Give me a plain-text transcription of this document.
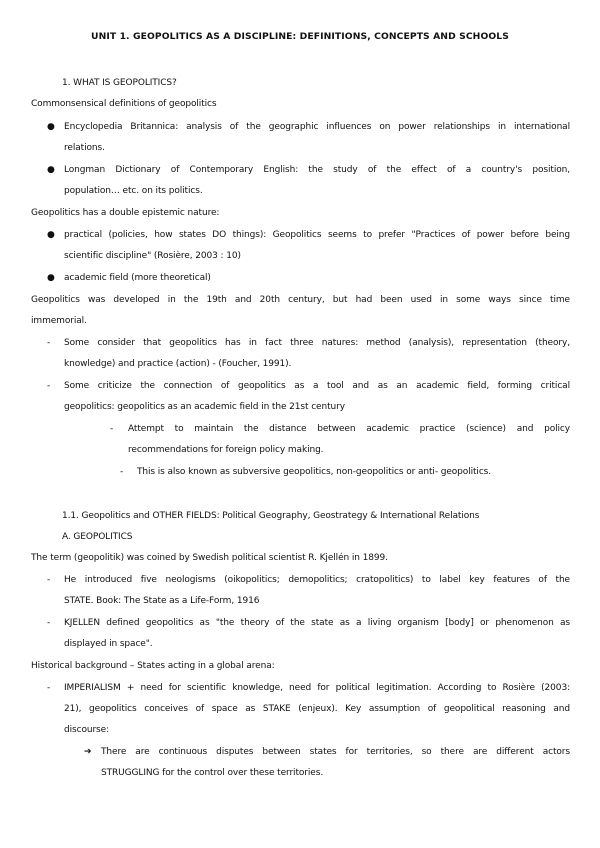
UNIT 1. GEOPOLITICS AS A DISCIPLINE: DEFINITIONS, CONCEPTS AND SCHOOLS
1. WHAT IS GEOPOLITICS?
Commonsensical definitions of geopolitics
● Encyclopedia Britannica: analysis of the geographic influences on power relationships in international
relations.
● Longman Dictionary of Contemporary English: the study of the effect of a country's position,
population… etc. on its politics.
Geopolitics has a double epistemic nature:
● practical (policies, how states DO things): Geopolitics seems to prefer "Practices of power before being
scientific discipline" (Rosière, 2003 : 10)
● academic field (more theoretical)
Geopolitics was developed in the 19th and 20th century, but had been used in some ways since time
immemorial.
- Some consider that geopolitics has in fact three natures: method (analysis), representation (theory,
knowledge) and practice (action) - (Foucher, 1991).
- Some criticize the connection of geopolitics as a tool and as an academic field, forming critical
geopolitics: geopolitics as an academic field in the 21st century
- Attempt to maintain the distance between academic practice (science) and policy
recommendations for foreign policy making.
- This is also known as subversive geopolitics, non-geopolitics or anti- geopolitics.
1.1. Geopolitics and OTHER FIELDS: Political Geography, Geostrategy & International Relations
A. GEOPOLITICS
The term (geopolitik) was coined by Swedish political scientist R. Kjellén in 1899.
- He introduced five neologisms (oikopolitics; demopolitics; cratopolitics) to label key features of the
STATE. Book: The State as a Life-Form, 1916
- KJELLEN defined geopolitics as "the theory of the state as a living organism [body] or phenomenon as
displayed in space".
Historical background – States acting in a global arena:
- IMPERIALISM + need for scientific knowledge, need for political legitimation. According to Rosière (2003:
21), geopolitics conceives of space as STAKE (enjeux). Key assumption of geopolitical reasoning and
discourse:
➔ There are continuous disputes between states for territories, so there are different actors
STRUGGLING for the control over these territories.
